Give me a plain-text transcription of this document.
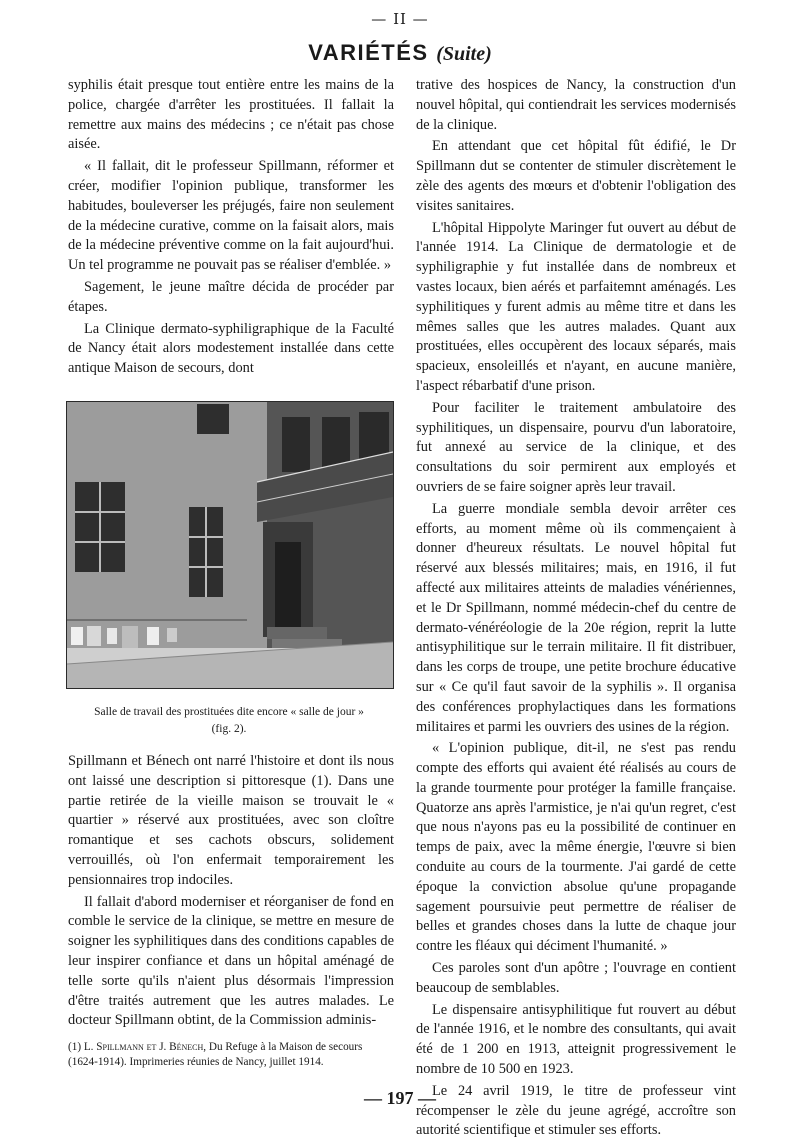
— II —
VARIÉTÉS (Suite)

syphilis était presque tout entière entre les mains de la police, chargée d'arrêter les prostituées. Il fallait la remettre aux mains des médecins ; ce n'était pas chose aisée.

« Il fallait, dit le professeur Spillmann, réformer et créer, modifier l'opinion publique, transformer les habitudes, bouleverser les préjugés, faire non seulement de la médecine curative, comme on la faisait alors, mais de la médecine préventive comme on la fait aujourd'hui. Un tel programme ne pouvait pas se réaliser d'emblée. »

Sagement, le jeune maître décida de procéder par étapes.

La Clinique dermato-syphiligraphique de la Faculté de Nancy était alors modestement installée dans cette antique Maison de secours, dont

Salle de travail des prostituées dite encore « salle de jour »
(fig. 2).

Spillmann et Bénech ont narré l'histoire et dont ils nous ont laissé une description si pittoresque (1). Dans une partie retirée de la vieille maison se trouvait le « quartier » réservé aux prostituées, avec son cloître romantique et ses cachots obscurs, solidement verrouillés, où l'on enfermait temporairement les pensionnaires trop indociles.

Il fallait d'abord moderniser et réorganiser de fond en comble le service de la clinique, se mettre en mesure de soigner les syphilitiques dans des conditions capables de leur inspirer confiance et dans un hôpital aménagé de telle sorte qu'ils n'aient plus désormais l'impression d'être traités autrement que les autres malades. Le docteur Spillmann obtint, de la Commission adminis-

(1) L. Spillmann et J. Bénech, Du Refuge à la Maison de secours (1624-1914). Imprimeries réunies de Nancy, juillet 1914.

trative des hospices de Nancy, la construction d'un nouvel hôpital, qui contiendrait les services modernisés de la clinique.

En attendant que cet hôpital fût édifié, le Dr Spillmann dut se contenter de stimuler discrètement le zèle des agents des mœurs et d'obtenir l'obligation des visites sanitaires.

L'hôpital Hippolyte Maringer fut ouvert au début de l'année 1914. La Clinique de dermatologie et de syphiligraphie y fut installée dans de nombreux et vastes locaux, bien aérés et parfaitemnt aménagés. Les syphilitiques y furent admis au même titre et dans les mêmes salles que les autres malades. Quant aux prostituées, elles occupèrent des locaux séparés, mais spacieux, ensoleillés et n'ayant, en aucune manière, l'aspect rébarbatif d'une prison.

Pour faciliter le traitement ambulatoire des syphilitiques, un dispensaire, pourvu d'un laboratoire, fut annexé au service de la clinique, et des consultations du soir permirent aux employés et ouvriers de se faire soigner après leur travail.

La guerre mondiale sembla devoir arrêter ces efforts, au moment même où ils commençaient à donner d'heureux résultats. Le nouvel hôpital fut réservé aux blessés militaires; mais, en 1916, il fut affecté aux militaires atteints de maladies vénériennes, et le Dr Spillmann, nommé médecin-chef du centre de dermato-vénéréologie de la 20e région, reprit la lutte antisyphilitique sur le terrain militaire. Il fit distribuer, dans les corps de troupe, une petite brochure éducative sur « Ce qu'il faut savoir de la syphilis ». Il organisa des conférences prophylactiques dans les formations militaires et parmi les ouvriers des usines de la région.

« L'opinion publique, dit-il, ne s'est pas rendu compte des efforts qui avaient été réalisés au cours de la grande tourmente pour protéger la famille française. Quatorze ans après l'armistice, je n'ai qu'un regret, c'est que nous n'ayons pas eu la possibilité de continuer en temps de paix, avec la même énergie, l'œuvre si bien conduite au cours de la tourmente. J'ai gardé de cette époque la conviction absolue qu'une propagande sagement poursuivie peut permettre de réaliser de belles et grandes choses dans la lutte de chaque jour contre les fléaux qui déciment l'humanité. »

Ces paroles sont d'un apôtre ; l'ouvrage en contient beaucoup de semblables.

Le dispensaire antisyphilitique fut rouvert au début de l'année 1916, et le nombre des consultants, qui avait été de 1 200 en 1913, atteignit progressivement le nombre de 10 500 en 1923.

Le 24 avril 1919, le titre de professeur vint récompenser le zèle du jeune agrégé, accroître son autorité scientifique et stimuler ses efforts.

— 197 —
